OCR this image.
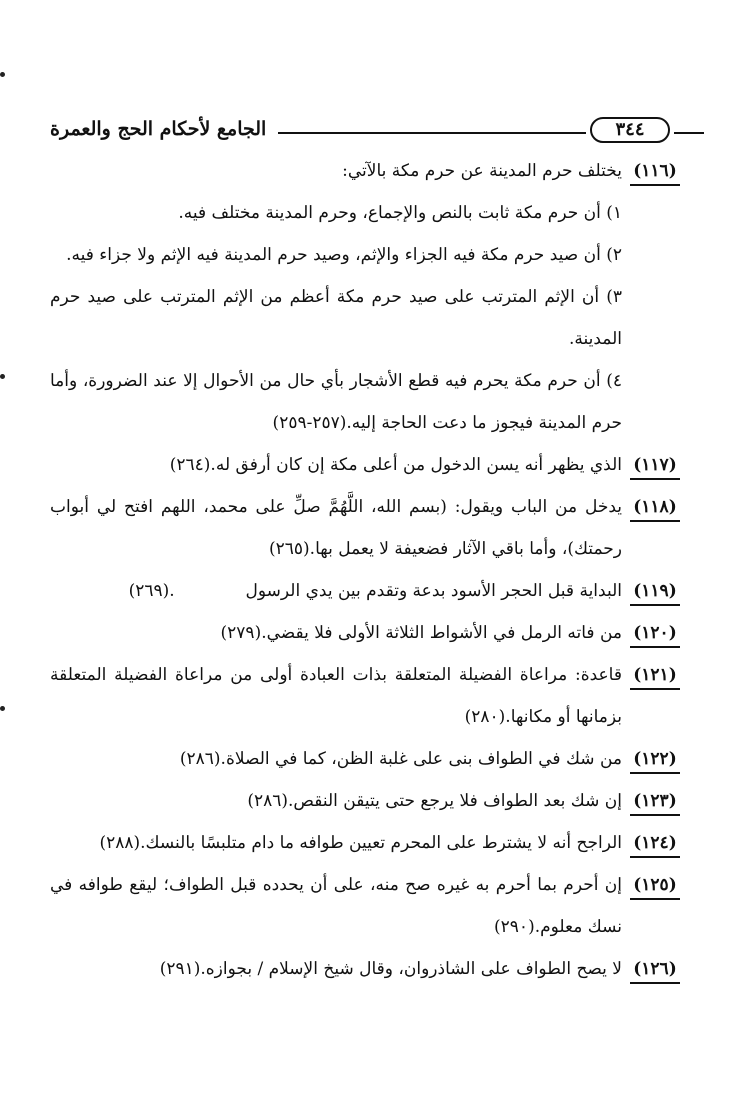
الجامع لأحكام الحج والعمرة	٣٤٤
(١١٦)
يختلف حرم المدينة عن حرم مكة بالآتي:
١) أن حرم مكة ثابت بالنص والإجماع، وحرم المدينة مختلف فيه.
٢) أن صيد حرم مكة فيه الجزاء والإثم، وصيد حرم المدينة فيه الإثم ولا جزاء فيه.
٣) أن الإثم المترتب على صيد حرم مكة أعظم من الإثم المترتب على صيد حرم المدينة.
٤) أن حرم مكة يحرم فيه قطع الأشجار بأي حال من الأحوال إلا عند الضرورة، وأما حرم المدينة فيجوز ما دعت الحاجة إليه.(٢٥٧-٢٥٩)
(١١٧)
الذي يظهر أنه يسن الدخول من أعلى مكة إن كان أرفق له.(٢٦٤)
(١١٨)
يدخل من الباب ويقول: (بسم الله، اللَّهُمَّ صلِّ على محمد، اللهم افتح لي أبواب رحمتك)، وأما باقي الآثار فضعيفة لا يعمل بها.(٢٦٥)
(١١٩)
البداية قبل الحجر الأسود بدعة وتقدم بين يدي الرسول  .(٢٦٩)
(١٢٠)
من فاته الرمل في الأشواط الثلاثة الأولى فلا يقضي.(٢٧٩)
(١٢١)
قاعدة: مراعاة الفضيلة المتعلقة بذات العبادة أولى من مراعاة الفضيلة المتعلقة بزمانها أو مكانها.(٢٨٠)
(١٢٢)
من شك في الطواف بنى على غلبة الظن، كما في الصلاة.(٢٨٦)
(١٢٣)
إن شك بعد الطواف فلا يرجع حتى يتيقن النقص.(٢٨٦)
(١٢٤)
الراجح أنه لا يشترط على المحرم تعيين طوافه ما دام متلبسًا بالنسك.(٢٨٨)
(١٢٥)
إن أحرم بما أحرم به غيره صح منه، على أن يحدده قبل الطواف؛ ليقع طوافه في نسك معلوم.(٢٩٠)
(١٢٦)
لا يصح الطواف على الشاذروان، وقال شيخ الإسلام / بجوازه.(٢٩١)
